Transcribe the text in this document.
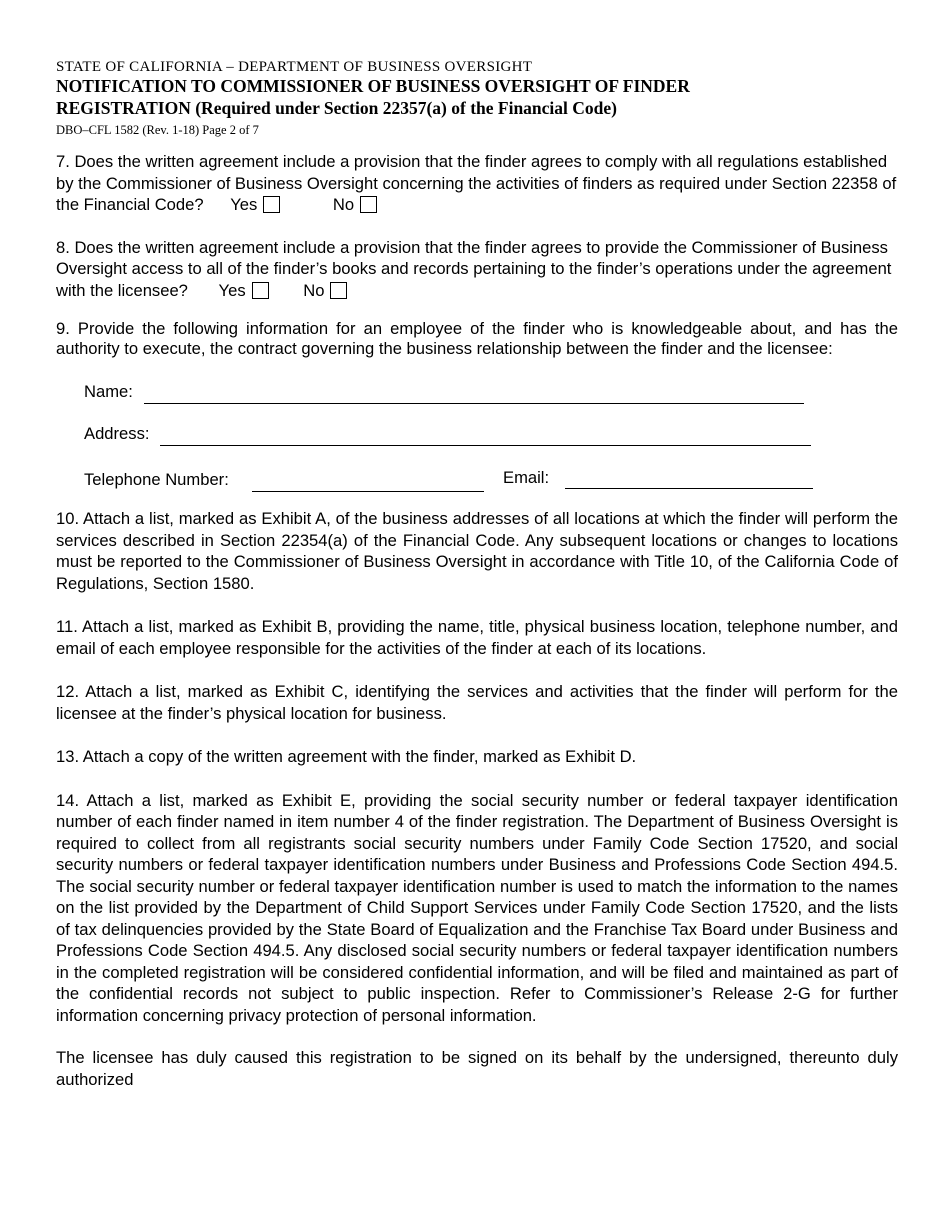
STATE OF CALIFORNIA – DEPARTMENT OF BUSINESS OVERSIGHT
NOTIFICATION TO COMMISSIONER OF BUSINESS OVERSIGHT OF FINDER
REGISTRATION (Required under Section 22357(a) of the Financial Code)
DBO–CFL 1582 (Rev. 1-18) Page 2 of 7
7. Does the written agreement include a provision that the finder agrees to comply with all regulations established by the Commissioner of Business Oversight concerning the activities of finders as required under Section 22358 of the Financial Code? Yes	No
8. Does the written agreement include a provision that the finder agrees to provide the Commissioner of Business Oversight access to all of the finder’s books and records pertaining to the finder’s operations under the agreement with the licensee? Yes	No
9. Provide the following information for an employee of the finder who is knowledgeable about, and has the authority to execute, the contract governing the business relationship between the finder and the licensee:
Name:
Address:
Telephone Number:	Email:
10. Attach a list, marked as Exhibit A, of the business addresses of all locations at which the finder will perform the services described in Section 22354(a) of the Financial Code. Any subsequent locations or changes to locations must be reported to the Commissioner of Business Oversight in accordance with Title 10, of the California Code of Regulations, Section 1580.
11. Attach a list, marked as Exhibit B, providing the name, title, physical business location, telephone number, and email of each employee responsible for the activities of the finder at each of its locations.
12. Attach a list, marked as Exhibit C, identifying the services and activities that the finder will perform for the licensee at the finder’s physical location for business.
13. Attach a copy of the written agreement with the finder, marked as Exhibit D.
14. Attach a list, marked as Exhibit E, providing the social security number or federal taxpayer identification number of each finder named in item number 4 of the finder registration. The Department of Business Oversight is required to collect from all registrants social security numbers under Family Code Section 17520, and social security numbers or federal taxpayer identification numbers under Business and Professions Code Section 494.5. The social security number or federal taxpayer identification number is used to match the information to the names on the list provided by the Department of Child Support Services under Family Code Section 17520, and the lists of tax delinquencies provided by the State Board of Equalization and the Franchise Tax Board under Business and Professions Code Section 494.5. Any disclosed social security numbers or federal taxpayer identification numbers in the completed registration will be considered confidential information, and will be filed and maintained as part of the confidential records not subject to public inspection. Refer to Commissioner’s Release 2-G for further information concerning privacy protection of personal information.
The licensee has duly caused this registration to be signed on its behalf by the undersigned, thereunto duly authorized
